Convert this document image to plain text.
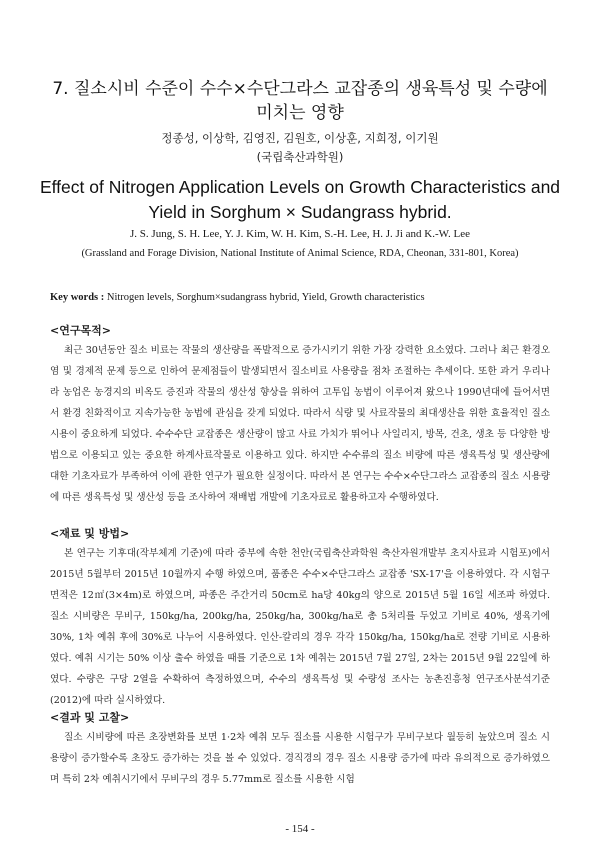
7. 질소시비 수준이 수수×수단그라스 교잡종의 생육특성 및 수량에
미치는 영향
정종성, 이상학, 김영진, 김원호, 이상훈, 지희정, 이기원
(국립축산과학원)
Effect of Nitrogen Application Levels on Growth Characteristics and
Yield in Sorghum × Sudangrass hybrid.
J. S. Jung, S. H. Lee, Y. J. Kim, W. H. Kim, S.-H. Lee, H. J. Ji and K.-W. Lee
(Grassland and Forage Division, National Institute of Animal Science, RDA, Cheonan, 331-801, Korea)
Key words : Nitrogen levels, Sorghum×sudangrass hybrid, Yield, Growth characteristics
<연구목적>
최근 30년동안 질소 비료는 작물의 생산량을 폭발적으로 증가시키기 위한 가장 강력한 요소였다. 그러나 최근 환경오염 및 경제적 문제 등으로 인하여 문제점들이 발생되면서 질소비료 사용량을 점차 조절하는 추세이다. 또한 과거 우리나라 농업은 농경지의 비옥도 증진과 작물의 생산성 향상을 위하여 고투입 농법이 이루어져 왔으나 1990년대에 들어서면서 환경 친화적이고 지속가능한 농법에 관심을 갖게 되었다. 따라서 식량 및 사료작물의 최대생산을 위한 효율적인 질소 시용이 중요하게 되었다. 수수수단 교잡종은 생산량이 많고 사료 가치가 뛰어나 사일리지, 방목, 건초, 생초 등 다양한 방법으로 이용되고 있는 중요한 하계사료작물로 이용하고 있다. 하지만 수수류의 질소 비량에 따른 생육특성 및 생산량에 대한 기초자료가 부족하여 이에 관한 연구가 필요한 실정이다. 따라서 본 연구는 수수×수단그라스 교잡종의 질소 시용량에 따른 생육특성 및 생산성 등을 조사하여 재배법 개발에 기초자료로 활용하고자 수행하였다.
<재료 및 방법>
본 연구는 기후대(작부체계 기준)에 따라 중부에 속한 천안(국립축산과학원 축산자원개발부 초지사료과 시험포)에서 2015년 5월부터 2015년 10월까지 수행 하였으며, 품종은 수수×수단그라스 교잡종 'SX-17'을 이용하였다. 각 시험구 면적은 12㎡(3×4m)로 하였으며, 파종은 주간거리 50cm로 ha당 40kg의 양으로 2015년 5월 16일 세조파 하였다. 질소 시비량은 무비구, 150kg/ha, 200kg/ha, 250kg/ha, 300kg/ha로 총 5처리를 두었고 기비로 40%, 생육기에 30%, 1차 예취 후에 30%로 나누어 시용하였다. 인산-칼리의 경우 각각 150kg/ha, 150kg/ha로 전량 기비로 시용하였다. 예취 시기는 50% 이상 출수 하였을 때를 기준으로 1차 예취는 2015년 7월 27일, 2차는 2015년 9월 22일에 하였다. 수량은 구당 2열을 수확하여 측정하였으며, 수수의 생육특성 및 수량성 조사는 농촌진흥청 연구조사분석기준(2012)에 따라 실시하였다.
<결과 및 고찰>
질소 시비량에 따른 초장변화를 보면 1·2차 예취 모두 질소를 시용한 시험구가 무비구보다 월등히 높았으며 질소 시용량이 증가할수록 초장도 증가하는 것을 볼 수 있었다. 경직경의 경우 질소 시용량 증가에 따라 유의적으로 증가하였으며 특히 2차 예취시기에서 무비구의 경우 5.77mm로 질소를 시용한 시험
- 154 -
